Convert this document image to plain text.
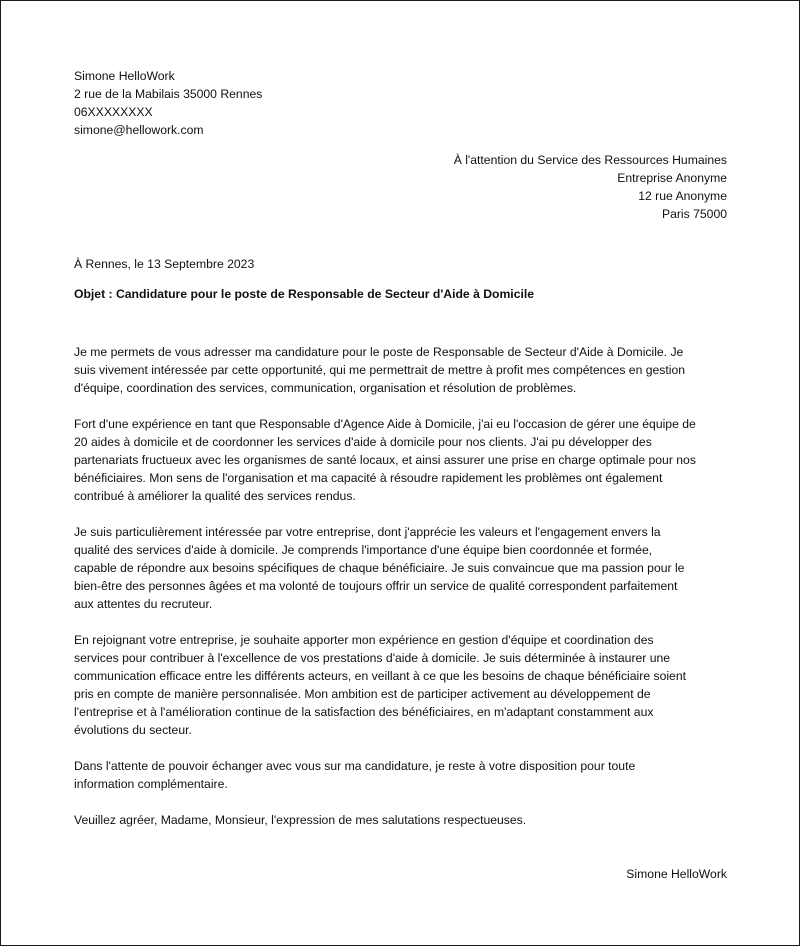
Simone HelloWork
2 rue de la Mabilais 35000 Rennes
06XXXXXXXX
simone@hellowork.com
À l'attention du Service des Ressources Humaines
Entreprise Anonyme
12 rue Anonyme
Paris 75000
À Rennes, le 13 Septembre 2023
Objet : Candidature pour le poste de Responsable de Secteur d'Aide à Domicile

Je me permets de vous adresser ma candidature pour le poste de Responsable de Secteur d'Aide à Domicile. Je
suis vivement intéressée par cette opportunité, qui me permettrait de mettre à profit mes compétences en gestion
d'équipe, coordination des services, communication, organisation et résolution de problèmes.

Fort d'une expérience en tant que Responsable d'Agence Aide à Domicile, j'ai eu l'occasion de gérer une équipe de
20 aides à domicile et de coordonner les services d'aide à domicile pour nos clients. J'ai pu développer des
partenariats fructueux avec les organismes de santé locaux, et ainsi assurer une prise en charge optimale pour nos
bénéficiaires. Mon sens de l'organisation et ma capacité à résoudre rapidement les problèmes ont également
contribué à améliorer la qualité des services rendus.

Je suis particulièrement intéressée par votre entreprise, dont j'apprécie les valeurs et l'engagement envers la
qualité des services d'aide à domicile. Je comprends l'importance d'une équipe bien coordonnée et formée,
capable de répondre aux besoins spécifiques de chaque bénéficiaire. Je suis convaincue que ma passion pour le
bien-être des personnes âgées et ma volonté de toujours offrir un service de qualité correspondent parfaitement
aux attentes du recruteur.

En rejoignant votre entreprise, je souhaite apporter mon expérience en gestion d'équipe et coordination des
services pour contribuer à l'excellence de vos prestations d'aide à domicile. Je suis déterminée à instaurer une
communication efficace entre les différents acteurs, en veillant à ce que les besoins de chaque bénéficiaire soient
pris en compte de manière personnalisée. Mon ambition est de participer activement au développement de
l'entreprise et à l'amélioration continue de la satisfaction des bénéficiaires, en m'adaptant constamment aux
évolutions du secteur.

Dans l'attente de pouvoir échanger avec vous sur ma candidature, je reste à votre disposition pour toute
information complémentaire.

Veuillez agréer, Madame, Monsieur, l'expression de mes salutations respectueuses.

Simone HelloWork
